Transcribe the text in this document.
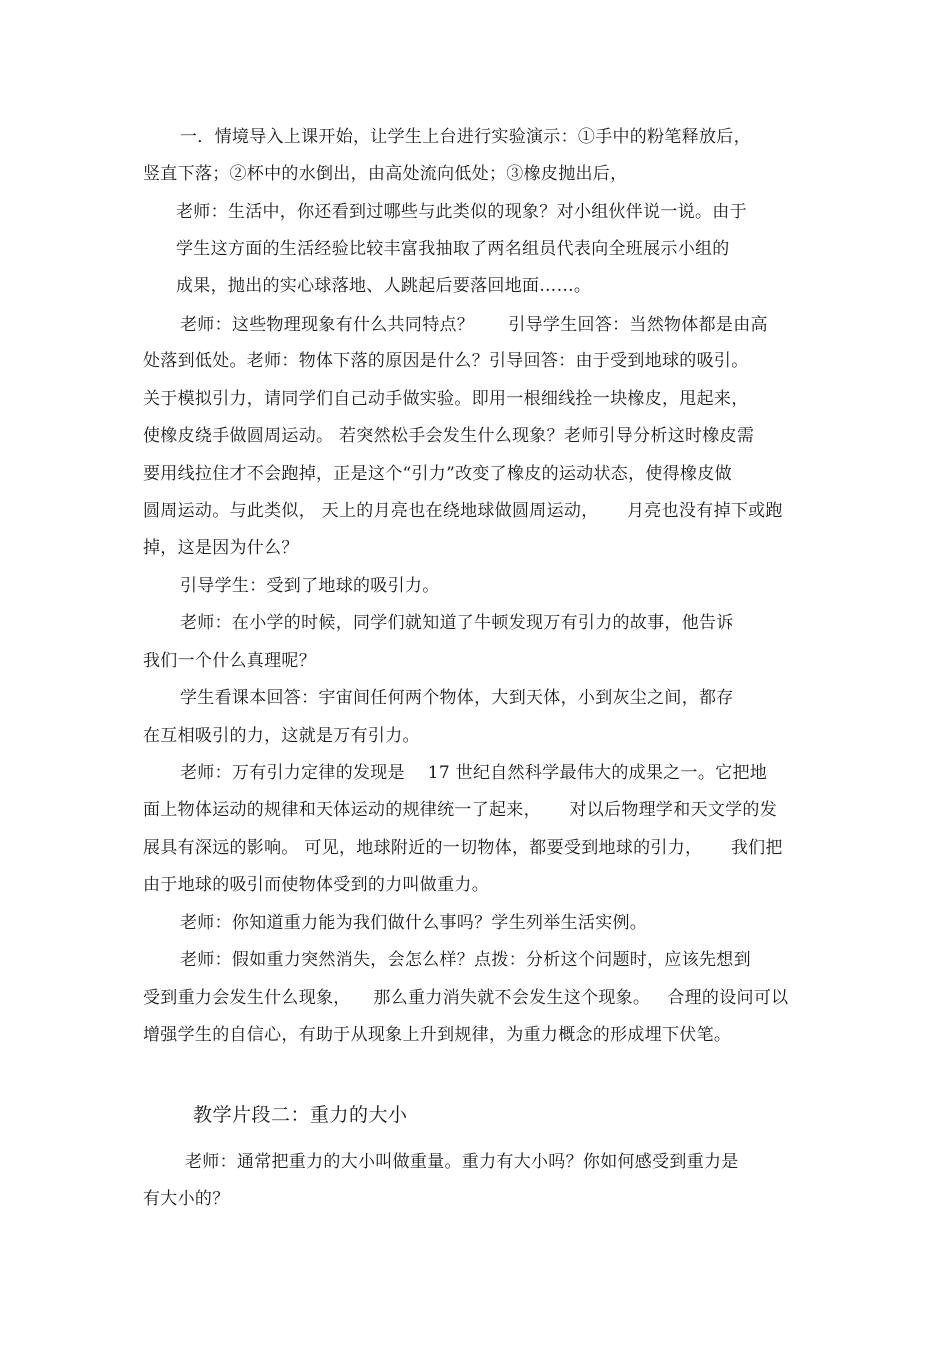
一．情境导入上课开始，让学生上台进行实验演示：①手中的粉笔释放后，
竖直下落；②杯中的水倒出，由高处流向低处；③橡皮抛出后，
老师：生活中，你还看到过哪些与此类似的现象？对小组伙伴说一说。由于
学生这方面的生活经验比较丰富我抽取了两名组员代表向全班展示小组的
成果，抛出的实心球落地、人跳起后要落回地面……。
老师：这些物理现象有什么共同特点？      引导学生回答：当然物体都是由高
处落到低处。老师：物体下落的原因是什么？引导回答：由于受到地球的吸引。
关于模拟引力，请同学们自己动手做实验。即用一根细线拴一块橡皮，甩起来，
使橡皮绕手做圆周运动。 若突然松手会发生什么现象？老师引导分析这时橡皮需
要用线拉住才不会跑掉，正是这个“引力”改变了橡皮的运动状态，使得橡皮做
圆周运动。与此类似， 天上的月亮也在绕地球做圆周运动，     月亮也没有掉下或跑
掉，这是因为什么？
引导学生：受到了地球的吸引力。
老师：在小学的时候，同学们就知道了牛顿发现万有引力的故事，他告诉
我们一个什么真理呢？
学生看课本回答：宇宙间任何两个物体，大到天体，小到灰尘之间，都存
在互相吸引的力，这就是万有引力。
老师：万有引力定律的发现是    17 世纪自然科学最伟大的成果之一。它把地
面上物体运动的规律和天体运动的规律统一了起来，     对以后物理学和天文学的发
展具有深远的影响。 可见，地球附近的一切物体，都要受到地球的引力，     我们把
由于地球的吸引而使物体受到的力叫做重力。
老师：你知道重力能为我们做什么事吗？学生列举生活实例。
老师：假如重力突然消失，会怎么样？点拨：分析这个问题时，应该先想到
受到重力会发生什么现象，    那么重力消失就不会发生这个现象。   合理的设问可以
增强学生的自信心，有助于从现象上升到规律，为重力概念的形成埋下伏笔。
教学片段二：重力的大小
老师：通常把重力的大小叫做重量。重力有大小吗？你如何感受到重力是
有大小的？
